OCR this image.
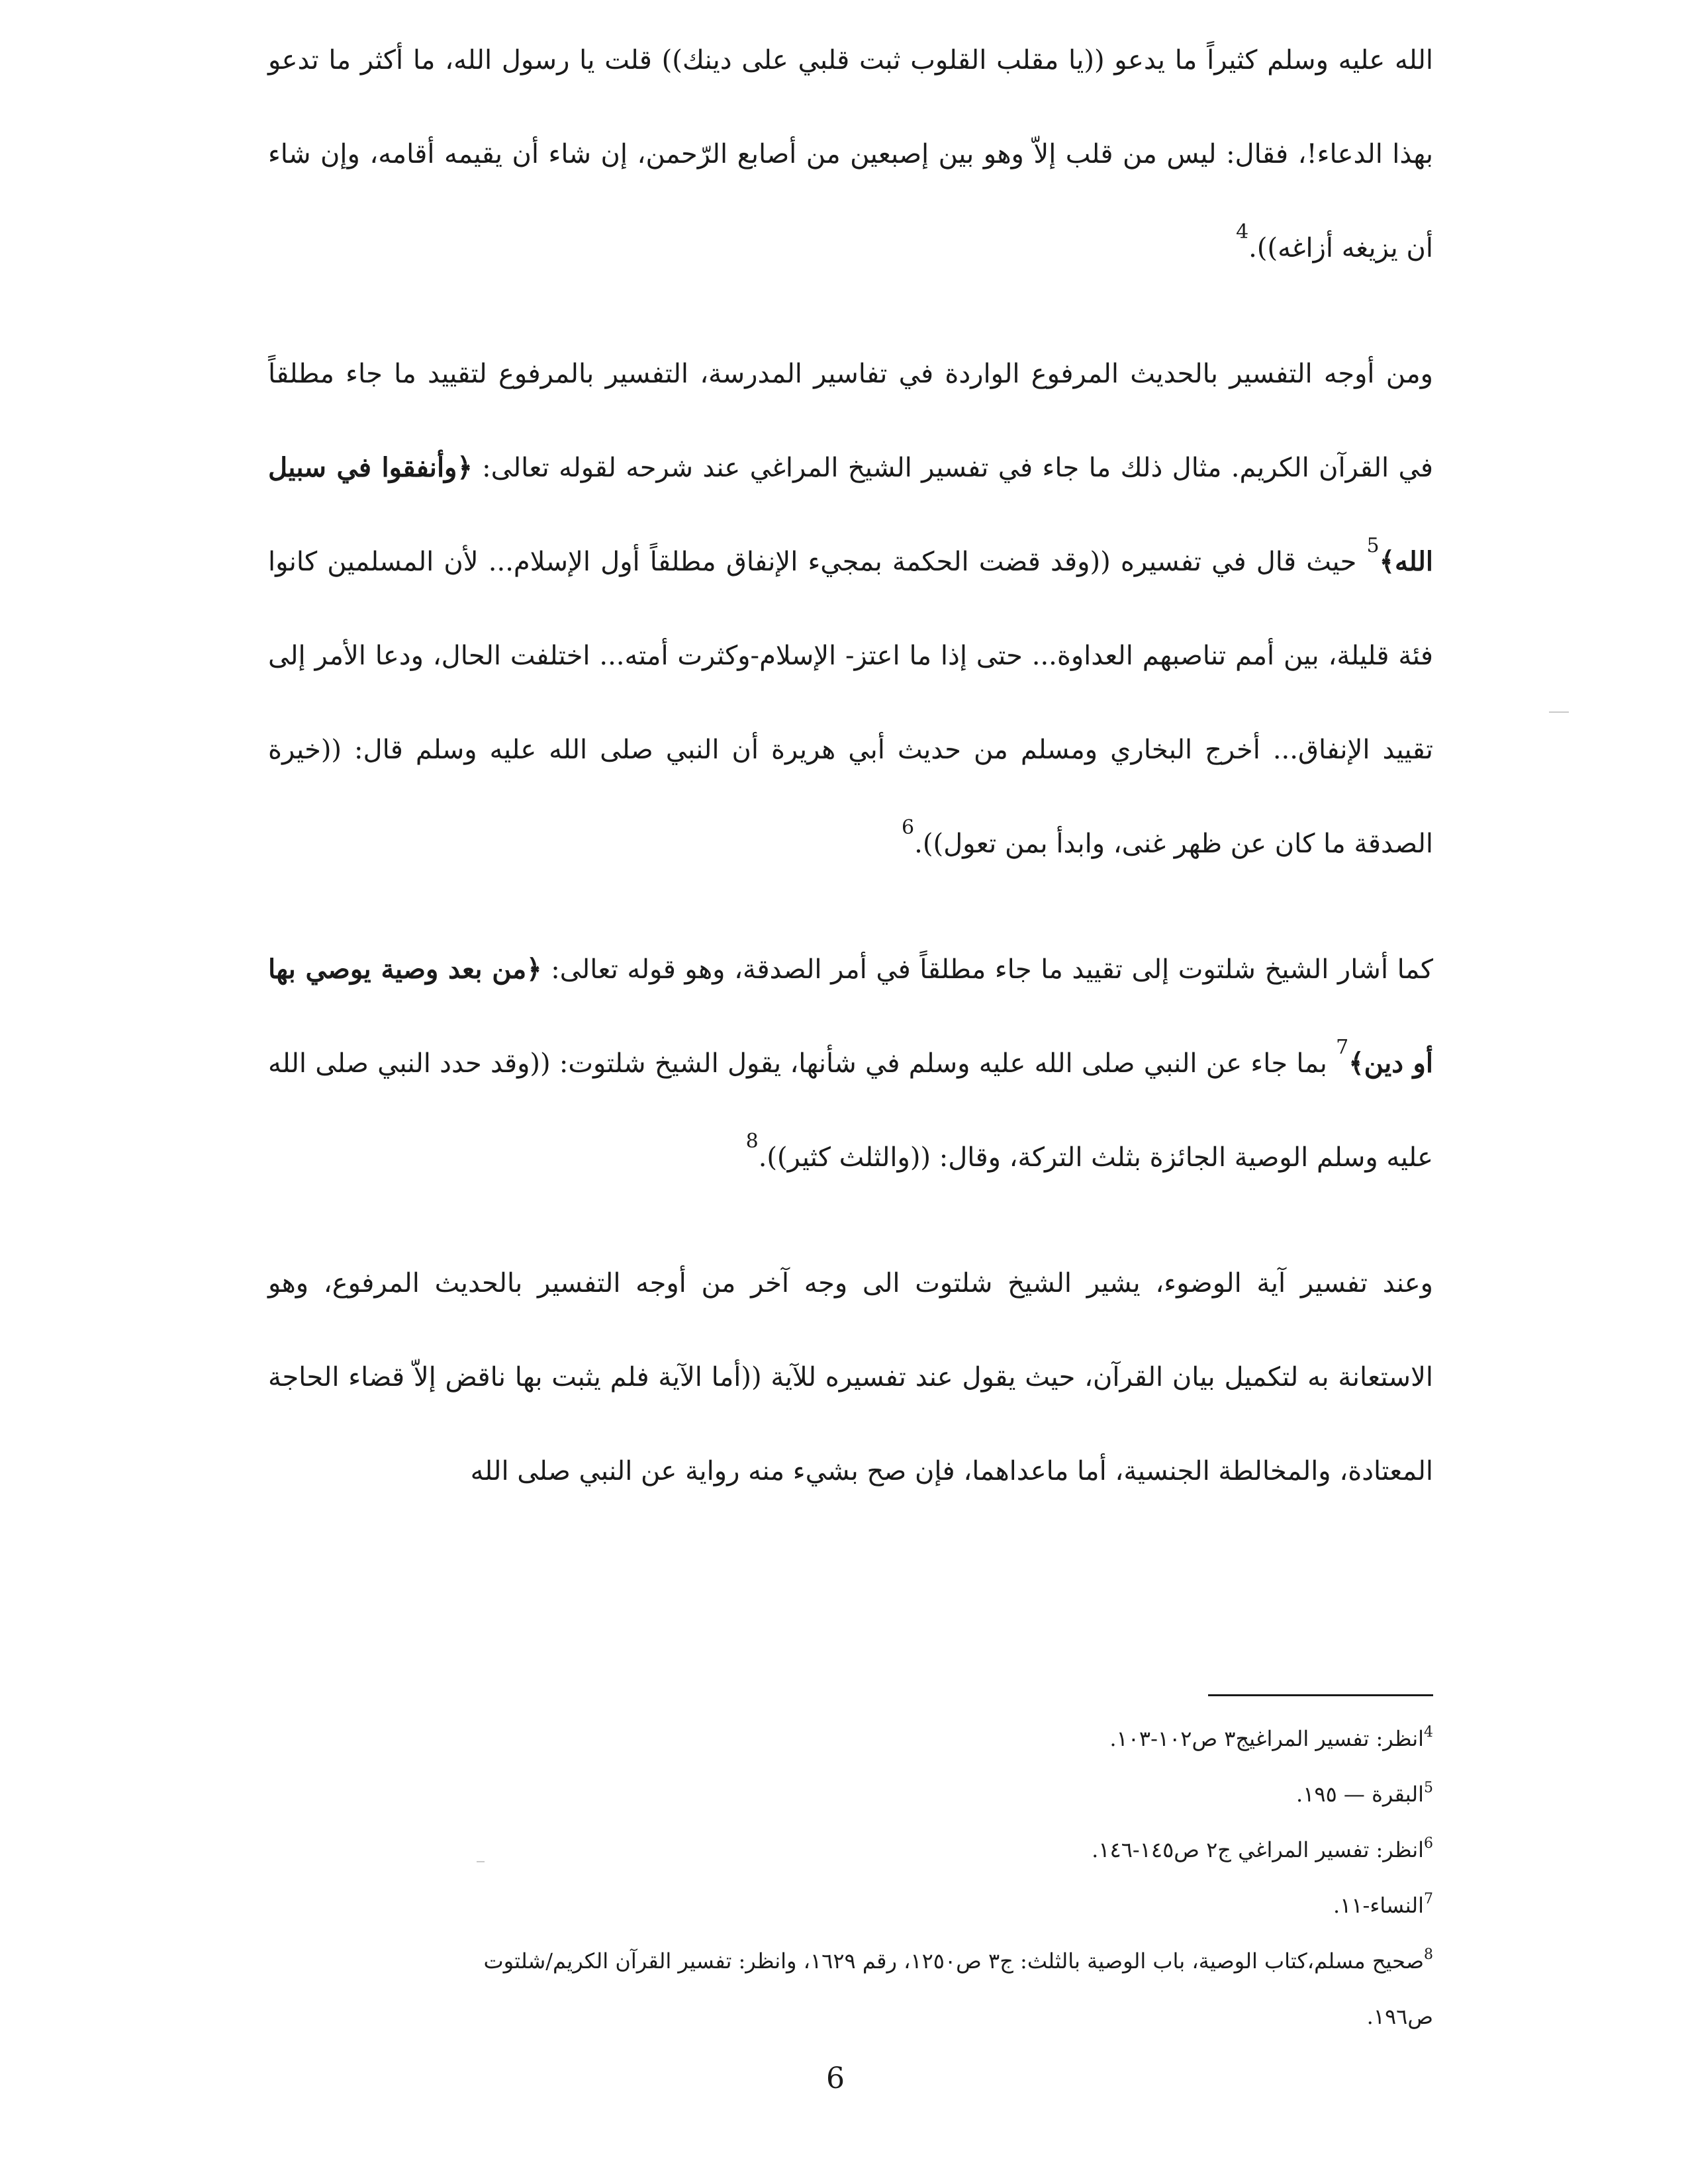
الله عليه وسلم كثيراً ما يدعو ((يا مقلب القلوب ثبت قلبي على دينك)) قلت يا رسول الله، ما أكثر ما تدعو بهذا الدعاء!، فقال: ليس من قلب إلاّ وهو بين إصبعين من أصابع الرّحمن، إن شاء أن يقيمه أقامه، وإن شاء أن يزيغه أزاغه)).$^4$

ومن أوجه التفسير بالحديث المرفوع الواردة في تفاسير المدرسة، التفسير بالمرفوع لتقييد ما جاء مطلقاً في القرآن الكريم. مثال ذلك ما جاء في تفسير الشيخ المراغي عند شرحه لقوله تعالى: ﴿وأنفقوا في سبيل الله﴾$^5$ حيث قال في تفسيره ((وقد قضت الحكمة بمجيء الإنفاق مطلقاً أول الإسلام... لأن المسلمين كانوا فئة قليلة، بين أمم تناصبهم العداوة... حتى إذا ما اعتز- الإسلام-وكثرت أمته... اختلفت الحال، ودعا الأمر إلى تقييد الإنفاق... أخرج البخاري ومسلم من حديث أبي هريرة أن النبي صلى الله عليه وسلم قال: ((خيرة الصدقة ما كان عن ظهر غنى، وابدأ بمن تعول)).$^6$

كما أشار الشيخ شلتوت إلى تقييد ما جاء مطلقاً في أمر الصدقة، وهو قوله تعالى: ﴿من بعد وصية يوصي بها أو دين﴾$^7$ بما جاء عن النبي صلى الله عليه وسلم في شأنها، يقول الشيخ شلتوت: ((وقد حدد النبي صلى الله عليه وسلم الوصية الجائزة بثلث التركة، وقال: ((والثلث كثير)).$^8$

وعند تفسير آية الوضوء، يشير الشيخ شلتوت الى وجه آخر من أوجه التفسير بالحديث المرفوع، وهو الاستعانة به لتكميل بيان القرآن، حيث يقول عند تفسيره للآية ((أما الآية فلم يثبت بها ناقض إلاّ قضاء الحاجة المعتادة، والمخالطة الجنسية، أما ماعداهما، فإن صح بشيء منه رواية عن النبي صلى الله

$^4$انظر: تفسير المراغيج٣ ص١٠٢-١٠٣.

$^5$البقرة — ١٩٥.

$^6$انظر: تفسير المراغي ج٢ ص١٤٥-١٤٦.

$^7$النساء-١١.

$^8$صحيح مسلم،كتاب الوصية، باب الوصية بالثلث: ج٣ ص١٢٥٠، رقم ١٦٢٩، وانظر: تفسير القرآن الكريم/شلتوت ص١٩٦.

6
